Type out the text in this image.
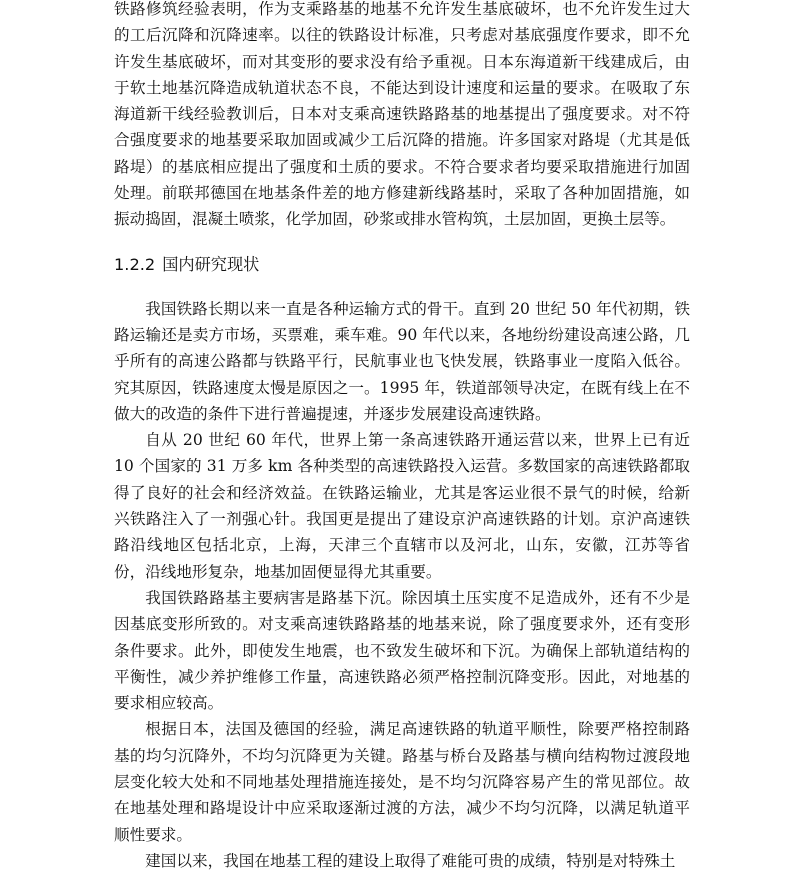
铁路修筑经验表明，作为支乘路基的地基不允许发生基底破坏，也不允许发生过大的工后沉降和沉降速率。以往的铁路设计标准，只考虑对基底强度作要求，即不允许发生基底破坏，而对其变形的要求没有给予重视。日本东海道新干线建成后，由于软土地基沉降造成轨道状态不良，不能达到设计速度和运量的要求。在吸取了东海道新干线经验教训后，日本对支乘高速铁路路基的地基提出了强度要求。对不符合强度要求的地基要采取加固或减少工后沉降的措施。许多国家对路堤（尤其是低路堤）的基底相应提出了强度和土质的要求。不符合要求者均要采取措施进行加固处理。前联邦德国在地基条件差的地方修建新线路基时，采取了各种加固措施，如振动捣固，混凝土喷浆，化学加固，砂浆或排水管构筑，土层加固，更换土层等。

1.2.2 国内研究现状

我国铁路长期以来一直是各种运输方式的骨干。直到 20 世纪 50 年代初期，铁路运输还是卖方市场，买票难，乘车难。90 年代以来，各地纷纷建设高速公路，几乎所有的高速公路都与铁路平行，民航事业也飞快发展，铁路事业一度陷入低谷。究其原因，铁路速度太慢是原因之一。1995 年，铁道部领导决定，在既有线上在不做大的改造的条件下进行普遍提速，并逐步发展建设高速铁路。

自从 20 世纪 60 年代，世界上第一条高速铁路开通运营以来，世界上已有近 10 个国家的 31 万多 km 各种类型的高速铁路投入运营。多数国家的高速铁路都取得了良好的社会和经济效益。在铁路运输业，尤其是客运业很不景气的时候，给新兴铁路注入了一剂强心针。我国更是提出了建设京沪高速铁路的计划。京沪高速铁路沿线地区包括北京，上海，天津三个直辖市以及河北，山东，安徽，江苏等省份，沿线地形复杂，地基加固便显得尤其重要。

我国铁路路基主要病害是路基下沉。除因填土压实度不足造成外，还有不少是因基底变形所致的。对支乘高速铁路路基的地基来说，除了强度要求外，还有变形条件要求。此外，即使发生地震，也不致发生破坏和下沉。为确保上部轨道结构的平衡性，减少养护维修工作量，高速铁路必须严格控制沉降变形。因此，对地基的要求相应较高。

根据日本，法国及德国的经验，满足高速铁路的轨道平顺性，除要严格控制路基的均匀沉降外，不均匀沉降更为关键。路基与桥台及路基与横向结构物过渡段地层变化较大处和不同地基处理措施连接处，是不均匀沉降容易产生的常见部位。故在地基处理和路堤设计中应采取逐渐过渡的方法，减少不均匀沉降，以满足轨道平顺性要求。

建国以来，我国在地基工程的建设上取得了难能可贵的成绩，特别是对特殊土
